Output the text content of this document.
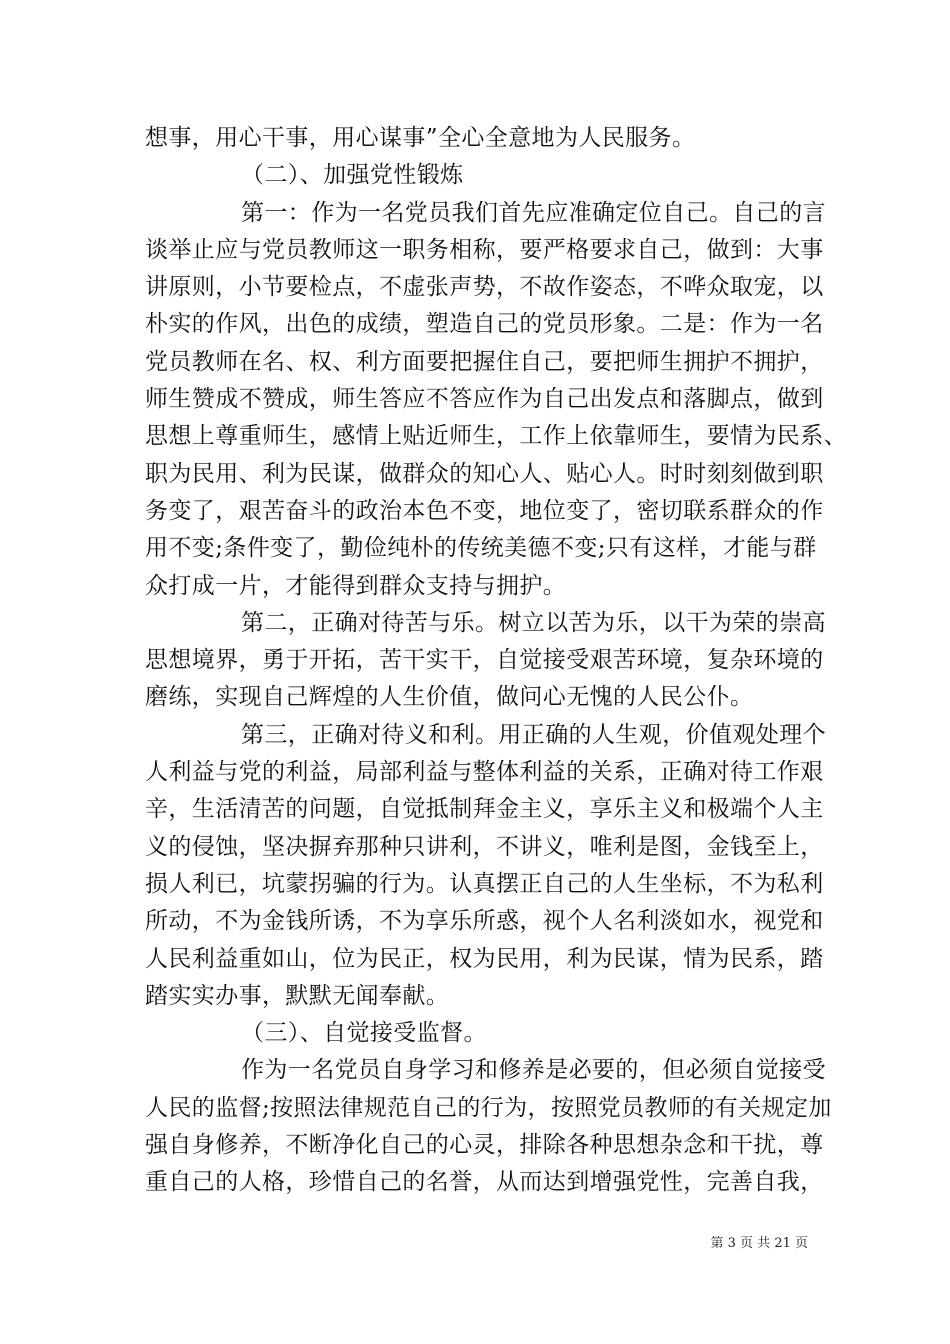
想事，用心干事，用心谋事”全心全意地为人民服务。
（二）、加强党性锻炼
第一：作为一名党员我们首先应准确定位自己。自己的言
谈举止应与党员教师这一职务相称，要严格要求自己，做到：大事
讲原则，小节要检点，不虚张声势，不故作姿态，不哗众取宠，以
朴实的作风，出色的成绩，塑造自己的党员形象。二是：作为一名
党员教师在名、权、利方面要把握住自己，要把师生拥护不拥护，
师生赞成不赞成，师生答应不答应作为自己出发点和落脚点，做到
思想上尊重师生，感情上贴近师生，工作上依靠师生，要情为民系、
职为民用、利为民谋，做群众的知心人、贴心人。时时刻刻做到职
务变了，艰苦奋斗的政治本色不变，地位变了，密切联系群众的作
用不变;条件变了，勤俭纯朴的传统美德不变;只有这样，才能与群
众打成一片，才能得到群众支持与拥护。
第二，正确对待苦与乐。树立以苦为乐，以干为荣的崇高
思想境界，勇于开拓，苦干实干，自觉接受艰苦环境，复杂环境的
磨练，实现自己辉煌的人生价值，做问心无愧的人民公仆。
第三，正确对待义和利。用正确的人生观，价值观处理个
人利益与党的利益，局部利益与整体利益的关系，正确对待工作艰
辛，生活清苦的问题，自觉抵制拜金主义，享乐主义和极端个人主
义的侵蚀，坚决摒弃那种只讲利，不讲义，唯利是图，金钱至上，
损人利已，坑蒙拐骗的行为。认真摆正自己的人生坐标，不为私利
所动，不为金钱所诱，不为享乐所惑，视个人名利淡如水，视党和
人民利益重如山，位为民正，权为民用，利为民谋，情为民系，踏
踏实实办事，默默无闻奉献。
（三）、自觉接受监督。
作为一名党员自身学习和修养是必要的，但必须自觉接受
人民的监督;按照法律规范自己的行为，按照党员教师的有关规定加
强自身修养，不断净化自己的心灵，排除各种思想杂念和干扰，尊
重自己的人格，珍惜自己的名誉，从而达到增强党性，完善自我，
第 3 页 共 21 页
